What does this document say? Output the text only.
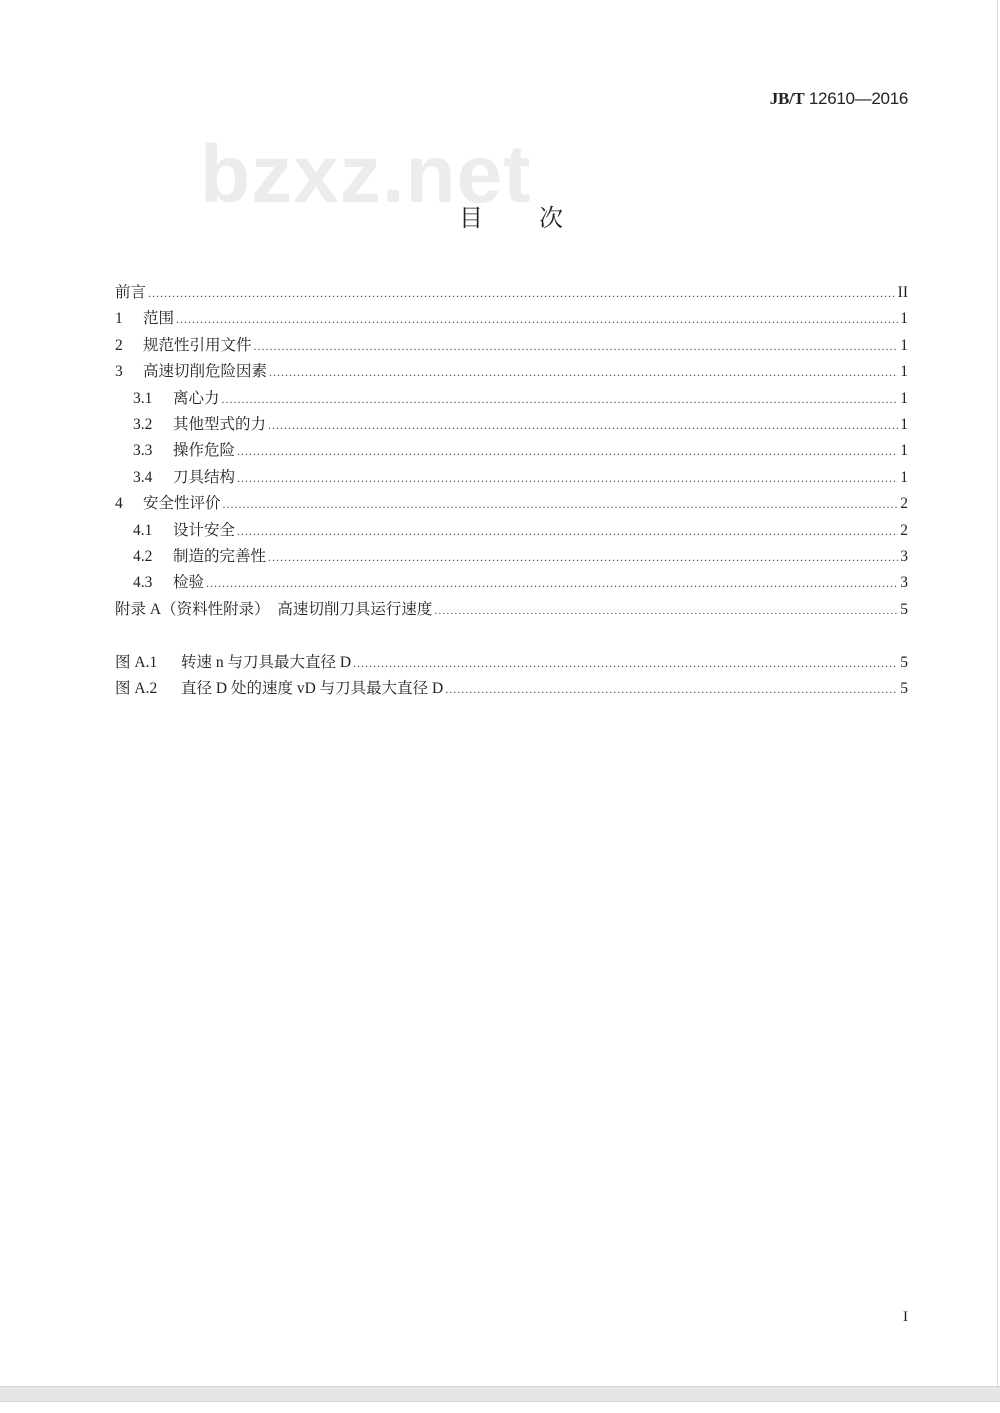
JB/T 12610—2016
bzxz.net
目次
前言 .....	II
1	范围 .....	1
2	规范性引用文件 .....	1
3	高速切削危险因素 .....	1
3.1	离心力 .....	1
3.2	其他型式的力 .....	1
3.3	操作危险 .....	1
3.4	刀具结构 .....	1
4	安全性评价 .....	2
4.1	设计安全 .....	2
4.2	制造的完善性 .....	3
4.3	检验 .....	3
附录 A（资料性附录）　高速切削刀具运行速度 .....	5
图 A.1	转速 n 与刀具最大直径 D .....	5
图 A.2	直径 D 处的速度 vD 与刀具最大直径 D .....	5
I
